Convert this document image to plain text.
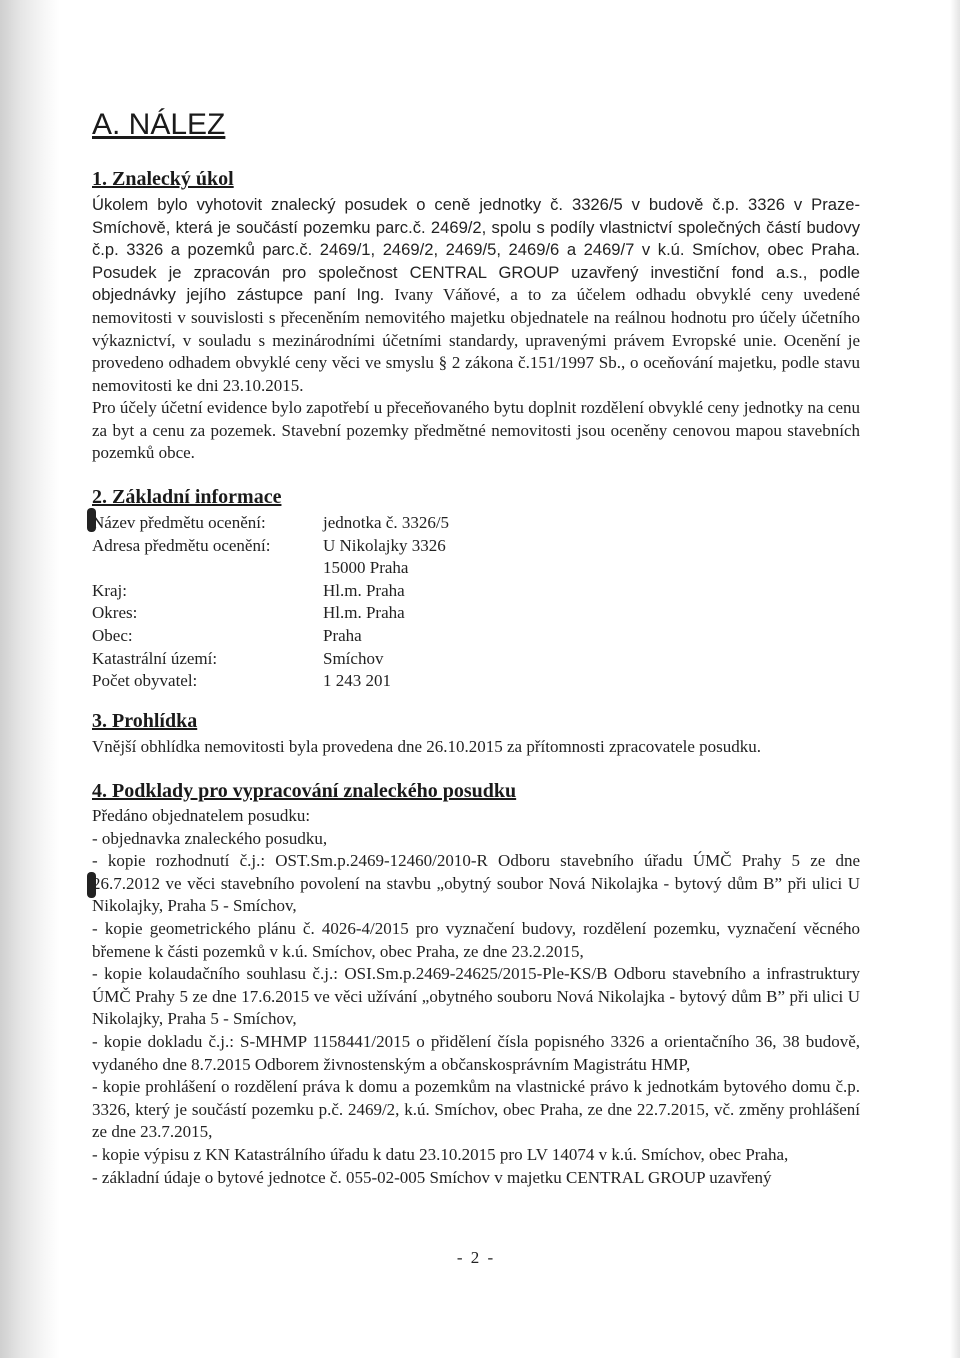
A. NÁLEZ
1. Znalecký úkol

Úkolem bylo vyhotovit znalecký posudek o ceně jednotky č. 3326/5 v budově č.p. 3326 v Praze-Smíchově, která je součástí pozemku parc.č. 2469/2, spolu s podíly vlastnictví společných částí budovy č.p. 3326 a pozemků parc.č. 2469/1, 2469/2, 2469/5, 2469/6 a 2469/7 v k.ú. Smíchov, obec Praha. Posudek je zpracován pro společnost CENTRAL GROUP uzavřený investiční fond a.s., podle objednávky jejího zástupce paní Ing. Ivany Váňové, a to za účelem odhadu obvyklé ceny uvedené nemovitosti v souvislosti s přeceněním nemovitého majetku objednatele na reálnou hodnotu pro účely účetního výkaznictví, v souladu s mezinárodními účetními standardy, upravenými právem Evropské unie. Ocenění je provedeno odhadem obvyklé ceny věci ve smyslu § 2 zákona č.151/1997 Sb., o oceňování majetku, podle stavu nemovitosti ke dni 23.10.2015.

Pro účely účetní evidence bylo zapotřebí u přeceňovaného bytu doplnit rozdělení obvyklé ceny jednotky na cenu za byt a cenu za pozemek. Stavební pozemky předmětné nemovitosti jsou oceněny cenovou mapou stavebních pozemků obce.

2. Základní informace
Název předmětu ocenění:	jednotka č. 3326/5
Adresa předmětu ocenění:	U Nikolajky 3326
15000 Praha
Kraj:	Hl.m. Praha
Okres:	Hl.m. Praha
Obec:	Praha
Katastrální území:	Smíchov
Počet obyvatel:	1 243 201
3. Prohlídka

Vnější obhlídka nemovitosti byla provedena dne 26.10.2015 za přítomnosti zpracovatele posudku.

4. Podklady pro vypracování znaleckého posudku

Předáno objednatelem posudku:

- objednavka znaleckého posudku,

- kopie rozhodnutí č.j.: OST.Sm.p.2469-12460/2010-R Odboru stavebního úřadu ÚMČ Prahy 5 ze dne 26.7.2012 ve věci stavebního povolení na stavbu „obytný soubor Nová Nikolajka - bytový dům B” při ulici U Nikolajky, Praha 5 - Smíchov,

- kopie geometrického plánu č. 4026-4/2015 pro vyznačení budovy, rozdělení pozemku, vyznačení věcného břemene k části pozemků v k.ú. Smíchov, obec Praha, ze dne 23.2.2015,

- kopie kolaudačního souhlasu č.j.: OSI.Sm.p.2469-24625/2015-Ple-KS/B Odboru stavebního a infrastruktury ÚMČ Prahy 5 ze dne 17.6.2015 ve věci užívání „obytného souboru Nová Nikolajka - bytový dům B” při ulici U Nikolajky, Praha 5 - Smíchov,

- kopie dokladu č.j.: S-MHMP 1158441/2015 o přidělení čísla popisného 3326 a orientačního 36, 38 budově, vydaného dne 8.7.2015 Odborem živnostenským a občanskosprávním Magistrátu HMP,

- kopie prohlášení o rozdělení práva k domu a pozemkům na vlastnické právo k jednotkám bytového domu č.p. 3326, který je součástí pozemku p.č. 2469/2, k.ú. Smíchov, obec Praha, ze dne 22.7.2015, vč. změny prohlášení ze dne 23.7.2015,

- kopie výpisu z KN Katastrálního úřadu k datu 23.10.2015 pro LV 14074 v k.ú. Smíchov, obec Praha,

- základní údaje o bytové jednotce č. 055-02-005 Smíchov v majetku CENTRAL GROUP uzavřený

- 2 -
